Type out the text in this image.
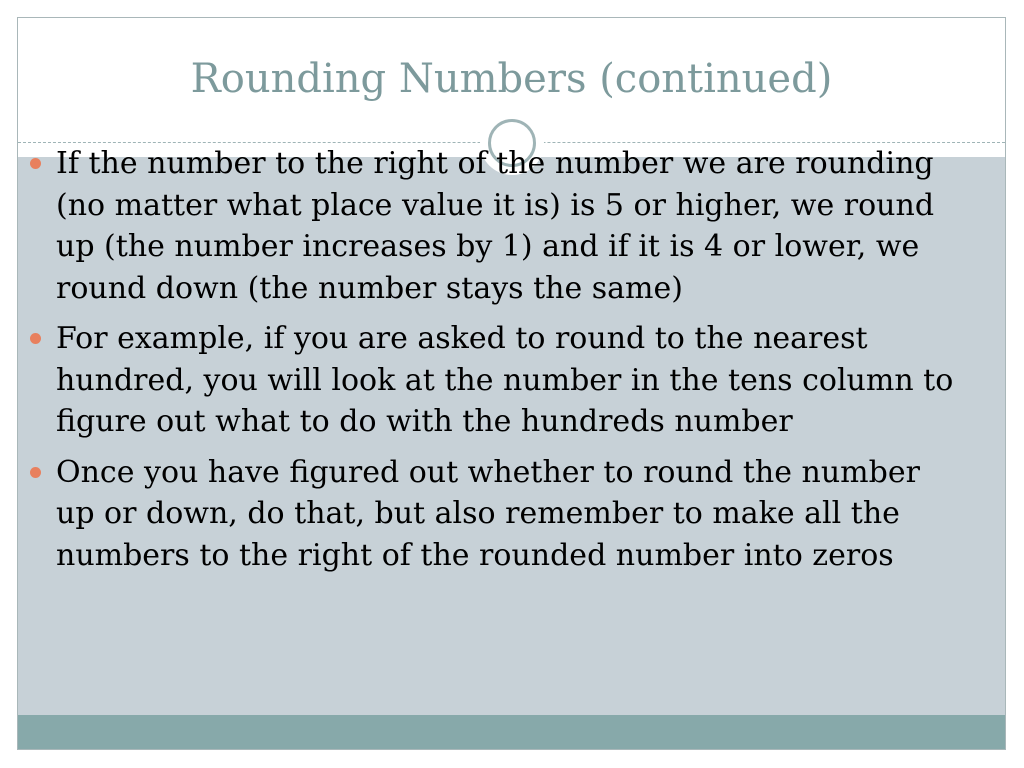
Rounding Numbers (continued)
If the number to the right of the number we are rounding (no matter what place value it is) is 5 or higher, we round up (the number increases by 1) and if it is 4 or lower, we round down (the number stays the same)
For example, if you are asked to round to the nearest hundred, you will look at the number in the tens column to figure out what to do with the hundreds number
Once you have figured out whether to round the number up or down, do that, but also remember to make all the numbers to the right of the rounded number into zeros
